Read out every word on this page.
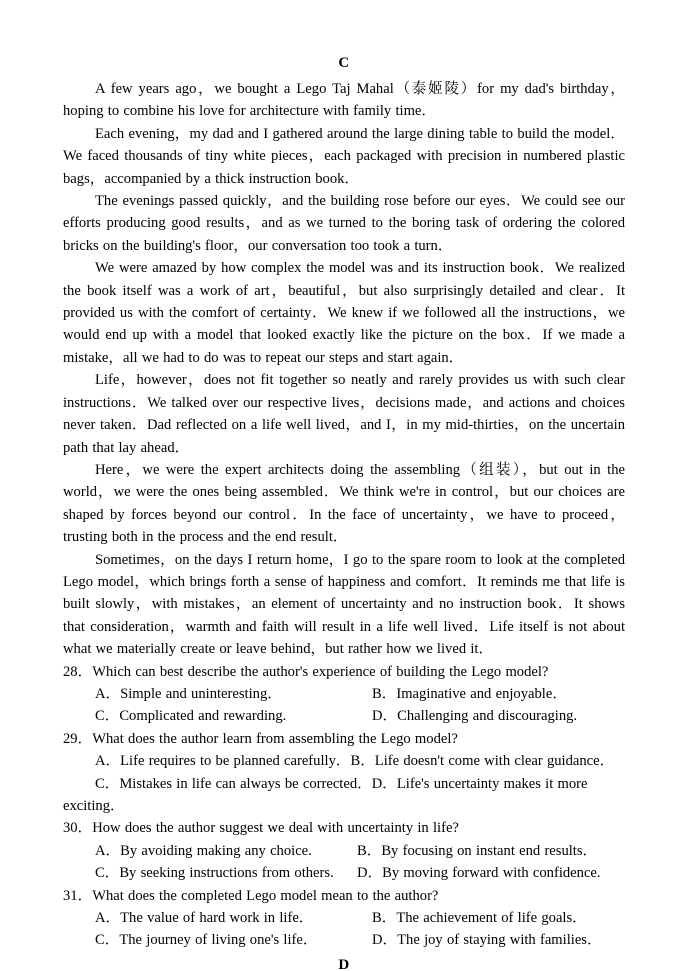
C

A few years ago，we bought a Lego Taj Mahal（泰姬陵）for my dad's birthday，hoping to combine his love for architecture with family time．

Each evening，my dad and I gathered around the large dining table to build the model．We faced thousands of tiny white pieces，each packaged with precision in numbered plastic bags，accompanied by a thick instruction book．

The evenings passed quickly，and the building rose before our eyes．We could see our efforts producing good results，and as we turned to the boring task of ordering the colored bricks on the building's floor，our conversation too took a turn．

We were amazed by how complex the model was and its instruction book．We realized the book itself was a work of art，beautiful，but also surprisingly detailed and clear．It provided us with the comfort of certainty．We knew if we followed all the instructions，we would end up with a model that looked exactly like the picture on the box．If we made a mistake，all we had to do was to repeat our steps and start again．

Life，however，does not fit together so neatly and rarely provides us with such clear instructions．We talked over our respective lives，decisions made，and actions and choices never taken．Dad reflected on a life well lived，and I，in my mid-thirties，on the uncertain path that lay ahead．

Here，we were the expert architects doing the assembling（组装），but out in the world，we were the ones being assembled．We think we're in control，but our choices are shaped by forces beyond our control．In the face of uncertainty，we have to proceed，trusting both in the process and the end result．

Sometimes，on the days I return home，I go to the spare room to look at the completed Lego model，which brings forth a sense of happiness and comfort．It reminds me that life is built slowly，with mistakes，an element of uncertainty and no instruction book．It shows that consideration，warmth and faith will result in a life well lived．Life itself is not about what we materially create or leave behind，but rather how we lived it．

28．Which can best describe the author's experience of building the Lego model?

A．Simple and uninteresting．	B．Imaginative and enjoyable．

C．Complicated and rewarding.	D．Challenging and discouraging.

29．What does the author learn from assembling the Lego model?

A．Life requires to be planned carefully．B．Life doesn't come with clear guidance．

C．Mistakes in life can always be corrected．D．Life's uncertainty makes it more

exciting．

30．How does the author suggest we deal with uncertainty in life?

A．By avoiding making any choice.	B．By focusing on instant end results．

C．By seeking instructions from others. D．By moving forward with confidence.

31．What does the completed Lego model mean to the author?

A．The value of hard work in life．	B．The achievement of life goals．

C．The journey of living one's life．	D．The joy of staying with families．

D
